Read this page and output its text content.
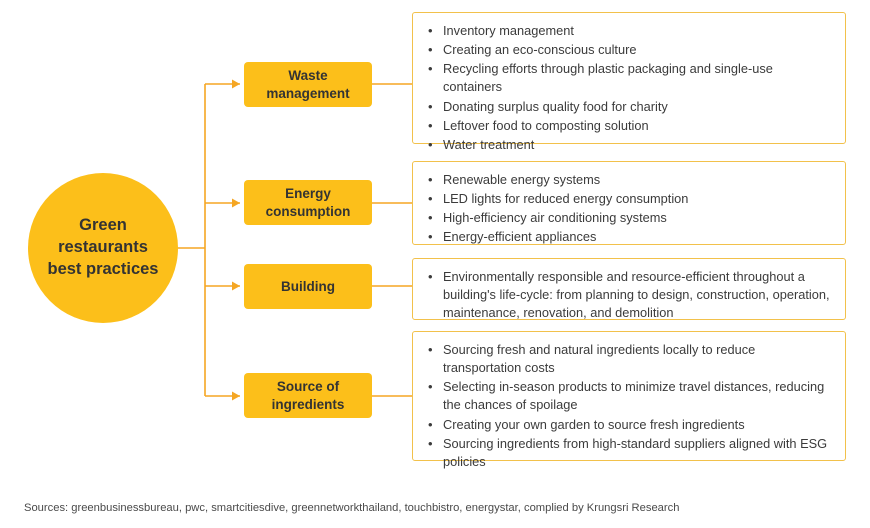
Green restaurants best practices
Waste management
• Inventory management
• Creating an eco-conscious culture
• Recycling efforts through plastic packaging and single-use containers
• Donating surplus quality food for charity
• Leftover food to composting solution
• Water treatment
Energy consumption
• Renewable energy systems
• LED lights for reduced energy consumption
• High-efficiency air conditioning systems
• Energy-efficient appliances
Building
• Environmentally responsible and resource-efficient throughout a building's life-cycle: from planning to design, construction, operation, maintenance, renovation, and demolition
Source of ingredients
• Sourcing fresh and natural ingredients locally to reduce transportation costs
• Selecting in-season products to minimize travel distances, reducing the chances of spoilage
• Creating your own garden to source fresh ingredients
• Sourcing ingredients from high-standard suppliers aligned with ESG policies
Sources: greenbusinessbureau, pwc, smartcitiesdive, greennetworkthailand, touchbistro, energystar, complied by Krungsri Research
